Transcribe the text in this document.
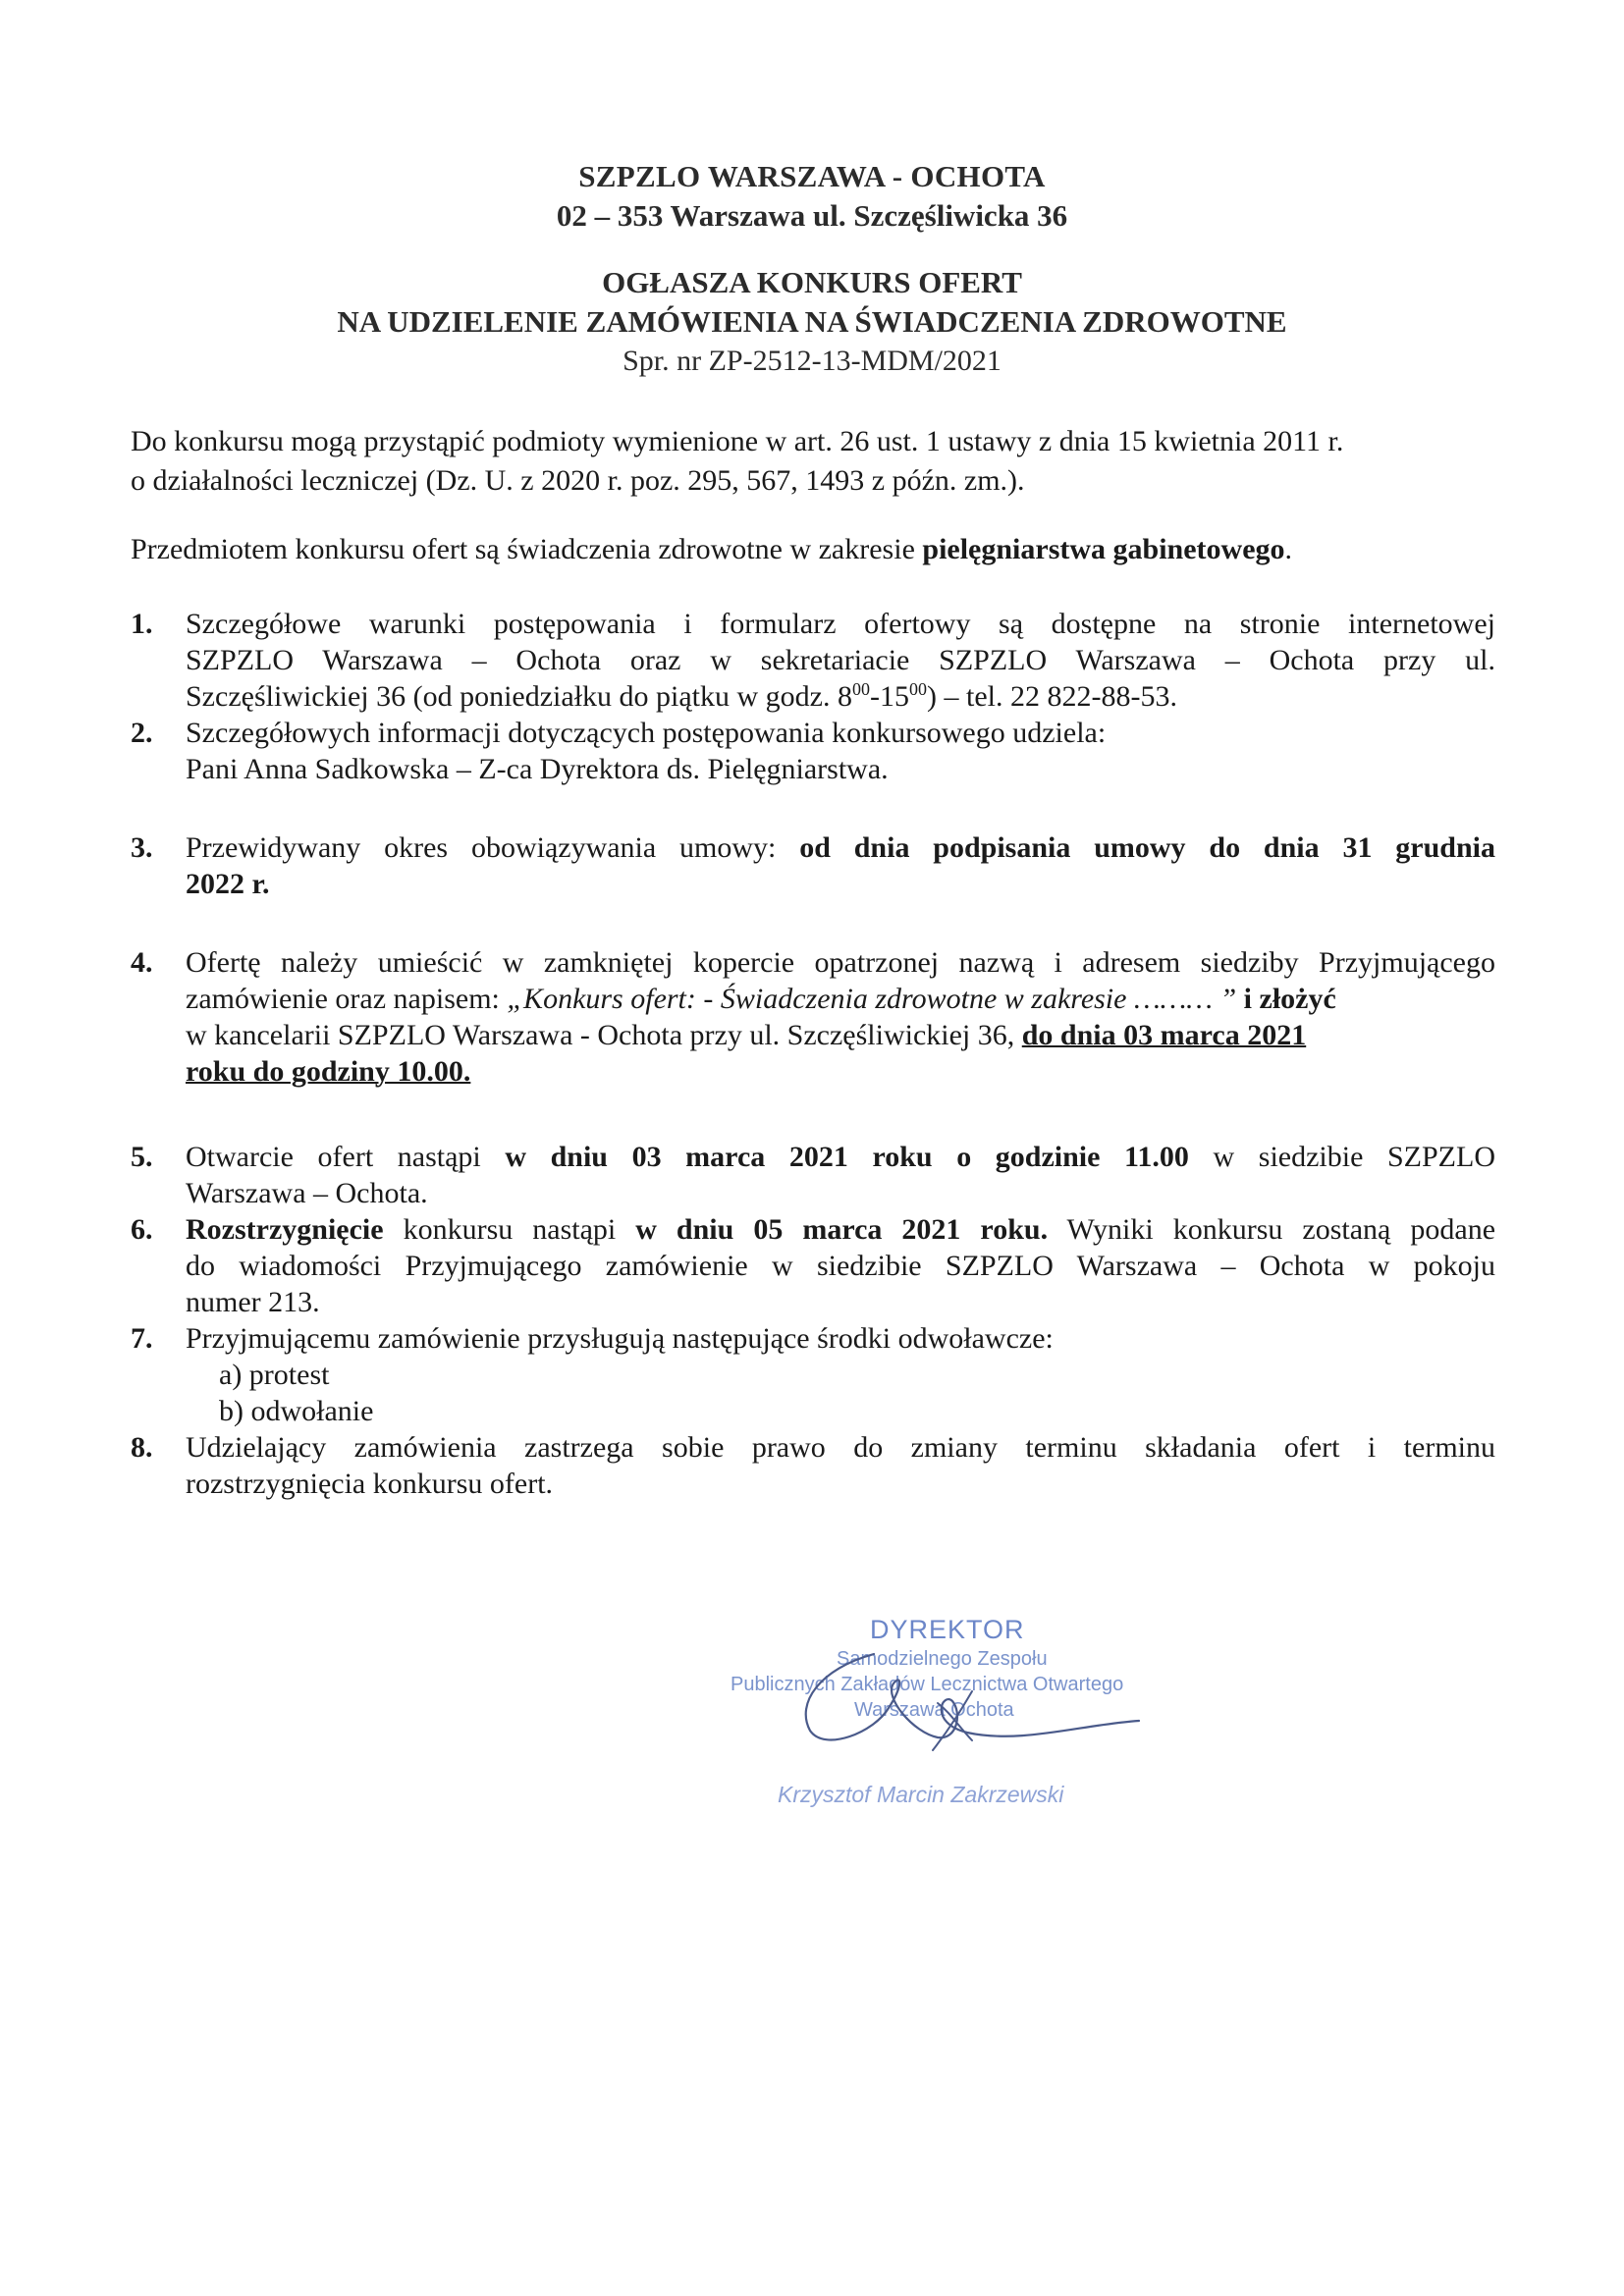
SZPZLO WARSZAWA - OCHOTA
02 – 353 Warszawa ul. Szczęśliwicka 36
OGŁASZA KONKURS OFERT
NA UDZIELENIE ZAMÓWIENIA NA ŚWIADCZENIA ZDROWOTNE
Spr. nr ZP-2512-13-MDM/2021
Do konkursu mogą przystąpić podmioty wymienione w art. 26 ust. 1 ustawy z dnia 15 kwietnia 2011 r.
o działalności leczniczej (Dz. U. z 2020 r. poz. 295, 567, 1493 z późn. zm.).
Przedmiotem konkursu ofert są świadczenia zdrowotne w zakresie pielęgniarstwa gabinetowego.
1.	Szczegółowe warunki postępowania i formularz ofertowy są dostępne na stronie internetowej
SZPZLO Warszawa – Ochota oraz w sekretariacie SZPZLO Warszawa – Ochota przy ul.
Szczęśliwickiej 36 (od poniedziałku do piątku w godz. $8^{00}-15^{00}$) – tel. 22 822-88-53.
2.	Szczegółowych informacji dotyczących postępowania konkursowego udziela:
Pani Anna Sadkowska – Z-ca Dyrektora ds. Pielęgniarstwa.
3.	Przewidywany okres obowiązywania umowy: od dnia podpisania umowy do dnia 31 grudnia
2022 r.
4.	Ofertę należy umieścić w zamkniętej kopercie opatrzonej nazwą i adresem siedziby Przyjmującego
zamówienie oraz napisem: „Konkurs ofert: - Świadczenia zdrowotne w zakresie ……… ” i złożyć
w kancelarii SZPZLO Warszawa - Ochota przy ul. Szczęśliwickiej 36, do dnia 03 marca 2021
roku do godziny 10.00.
5.	Otwarcie ofert nastąpi w dniu 03 marca 2021 roku o godzinie 11.00 w siedzibie SZPZLO
Warszawa – Ochota.
6.	Rozstrzygnięcie konkursu nastąpi w dniu 05 marca 2021 roku. Wyniki konkursu zostaną podane
do wiadomości Przyjmującego zamówienie w siedzibie SZPZLO Warszawa – Ochota w pokoju
numer 213.
7.	Przyjmującemu zamówienie przysługują następujące środki odwoławcze:
a) protest
b) odwołanie
8.	Udzielający zamówienia zastrzega sobie prawo do zmiany terminu składania ofert i terminu
rozstrzygnięcia konkursu ofert.
DYREKTOR
Samodzielnego Zespołu
Publicznych Zakładów Lecznictwa Otwartego
Warszawa Ochota
Krzysztof Marcin Zakrzewski
